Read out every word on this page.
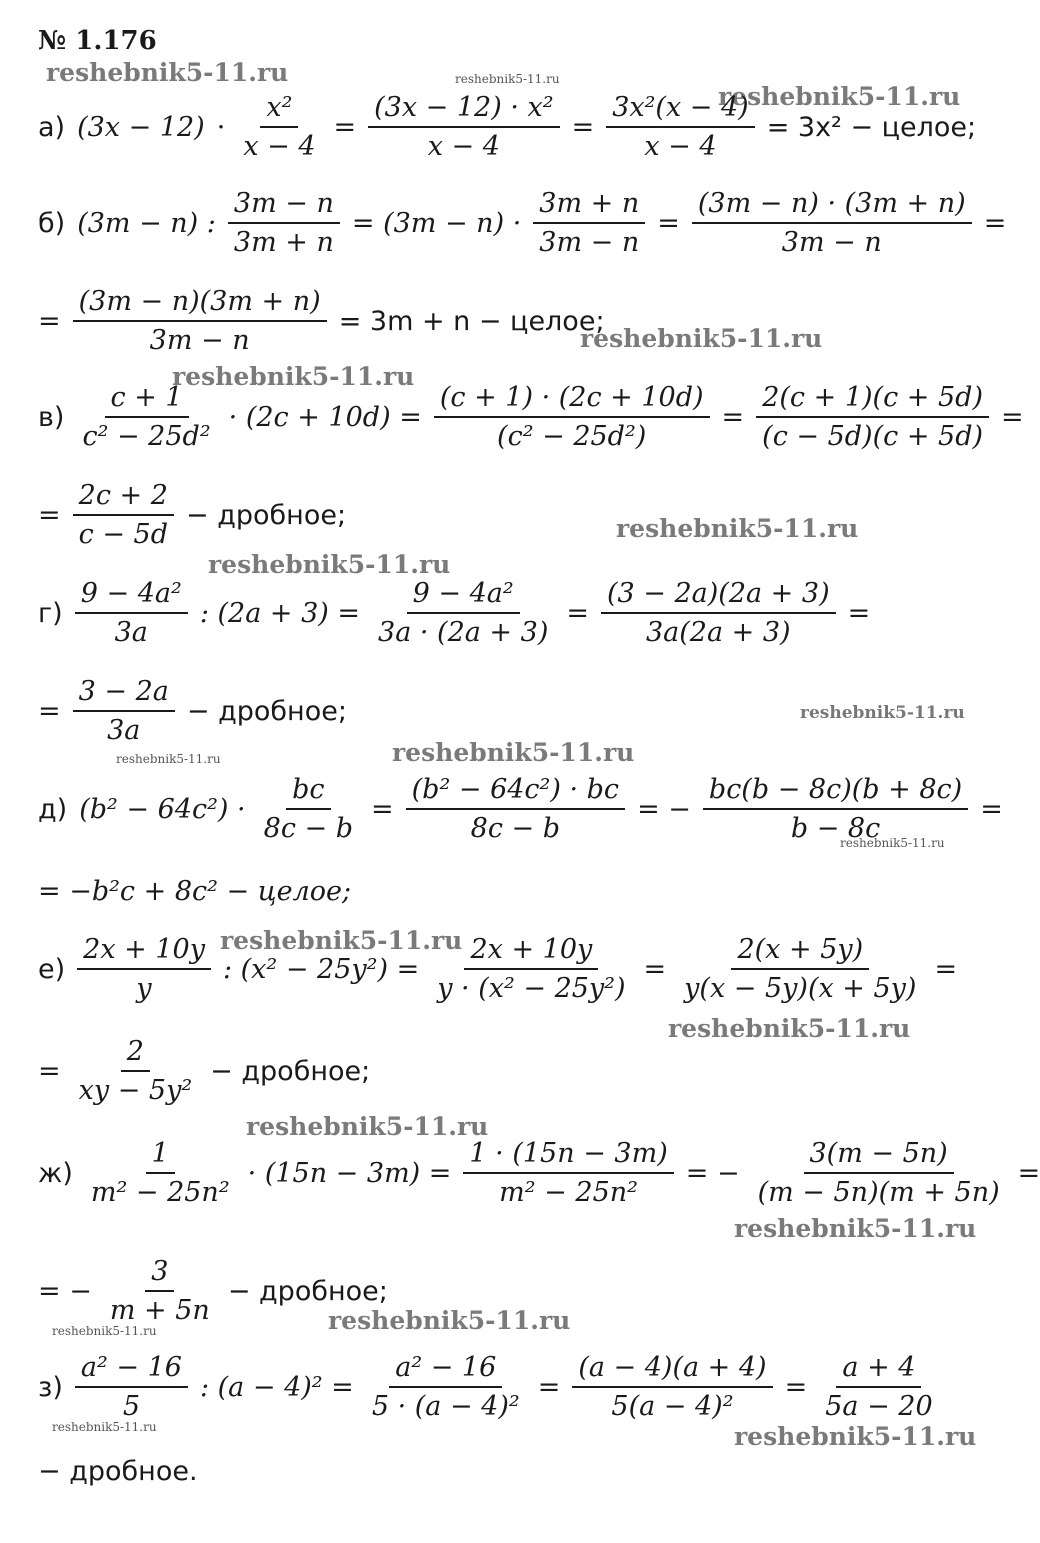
№ 1.176
reshebnik5-11.ru	reshebnik5-11.ru
reshebnik5-11.ru
reshebnik5-11.ru
reshebnik5-11.ru
reshebnik5-11.ru
reshebnik5-11.ru
reshebnik5-11.ru
reshebnik5-11.ru	reshebnik5-11.ru
reshebnik5-11.ru
reshebnik5-11.ru
reshebnik5-11.ru
reshebnik5-11.ru
reshebnik5-11.ru
reshebnik5-11.ru	reshebnik5-11.ru
reshebnik5-11.ru	reshebnik5-11.ru
а) $(3x - 12) \cdot \frac{\text{x²}}{x - 4} = \frac{\text{(3x − 12) · x²}}{x - 4} = \frac{\text{3x²(x − 4)}}{x - 4} = 3x^2$ − целое;
б) (3m − n) : $\frac{3m - n}{3m + n} = (3m - n) \cdot \frac{3m + n}{3m - n} = \frac{(3m - n) \cdot (3m + n)}{3m - n}$ =
= $\frac{(3m - n)(3m + n)}{3m - n} = 3m + n$ − целое;
$в) \frac{c + 1}{\text{c² − 25d²}} \cdot (2c + 10d) = \frac{(c + 1) \cdot (2c + 10d)}{\text{(c² − 25d²)}} = \frac{2(c + 1)(c + 5d)}{(c - 5d)(c + 5d)}$ =
= $\frac{2c + 2}{c - 5d}$ − дробное;
$г) \frac{\text{9 − 4a²}}{3a}$ : $(2a + 3) = \frac{\text{9 − 4a²}}{3a \cdot (2a + 3)} = \frac{(3 - 2a)(2a + 3)}{3a(2a + 3)}$ =
= $\frac{3 - 2a}{3a}$ − дробное;
д) $(b^2 - 64c^2) \cdot \frac{bc}{8c - b} = \frac{\text{(b² − 64c²) · bc}}{8c - b}$ = − $\frac{bc(b - 8c)(b + 8c)}{b - 8c}$ =
= −b²c + 8c² − целое;
$е) \frac{2x + 10y}{y}$ : $(x^2 - 25y^2) = \frac{2x + 10y}{\text{y · (x² − 25y²)}} = \frac{2(x + 5y)}{y(x - 5y)(x + 5y)}$ =
= $\frac{2}{\text{xy − 5y²}}$ − дробное;
$ж) \frac{1}{\text{m² − 25n²}} \cdot (15n - 3m) = \frac{1 \cdot (15n - 3m)}{\text{m² − 25n²}}$ = − $\frac{3(m - 5n)}{(m - 5n)(m + 5n)}$ =
= − $\frac{3}{m + 5n}$ − дробное;
$з) \frac{\text{a² − 16}}{5}$ : $(a - 4)^2 = \frac{\text{a² − 16}}{\text{5 · (a − 4)²}} = \frac{(a - 4)(a + 4)}{\text{5(a − 4)²}} = \frac{a + 4}{5a - 20}$
− дробное.
